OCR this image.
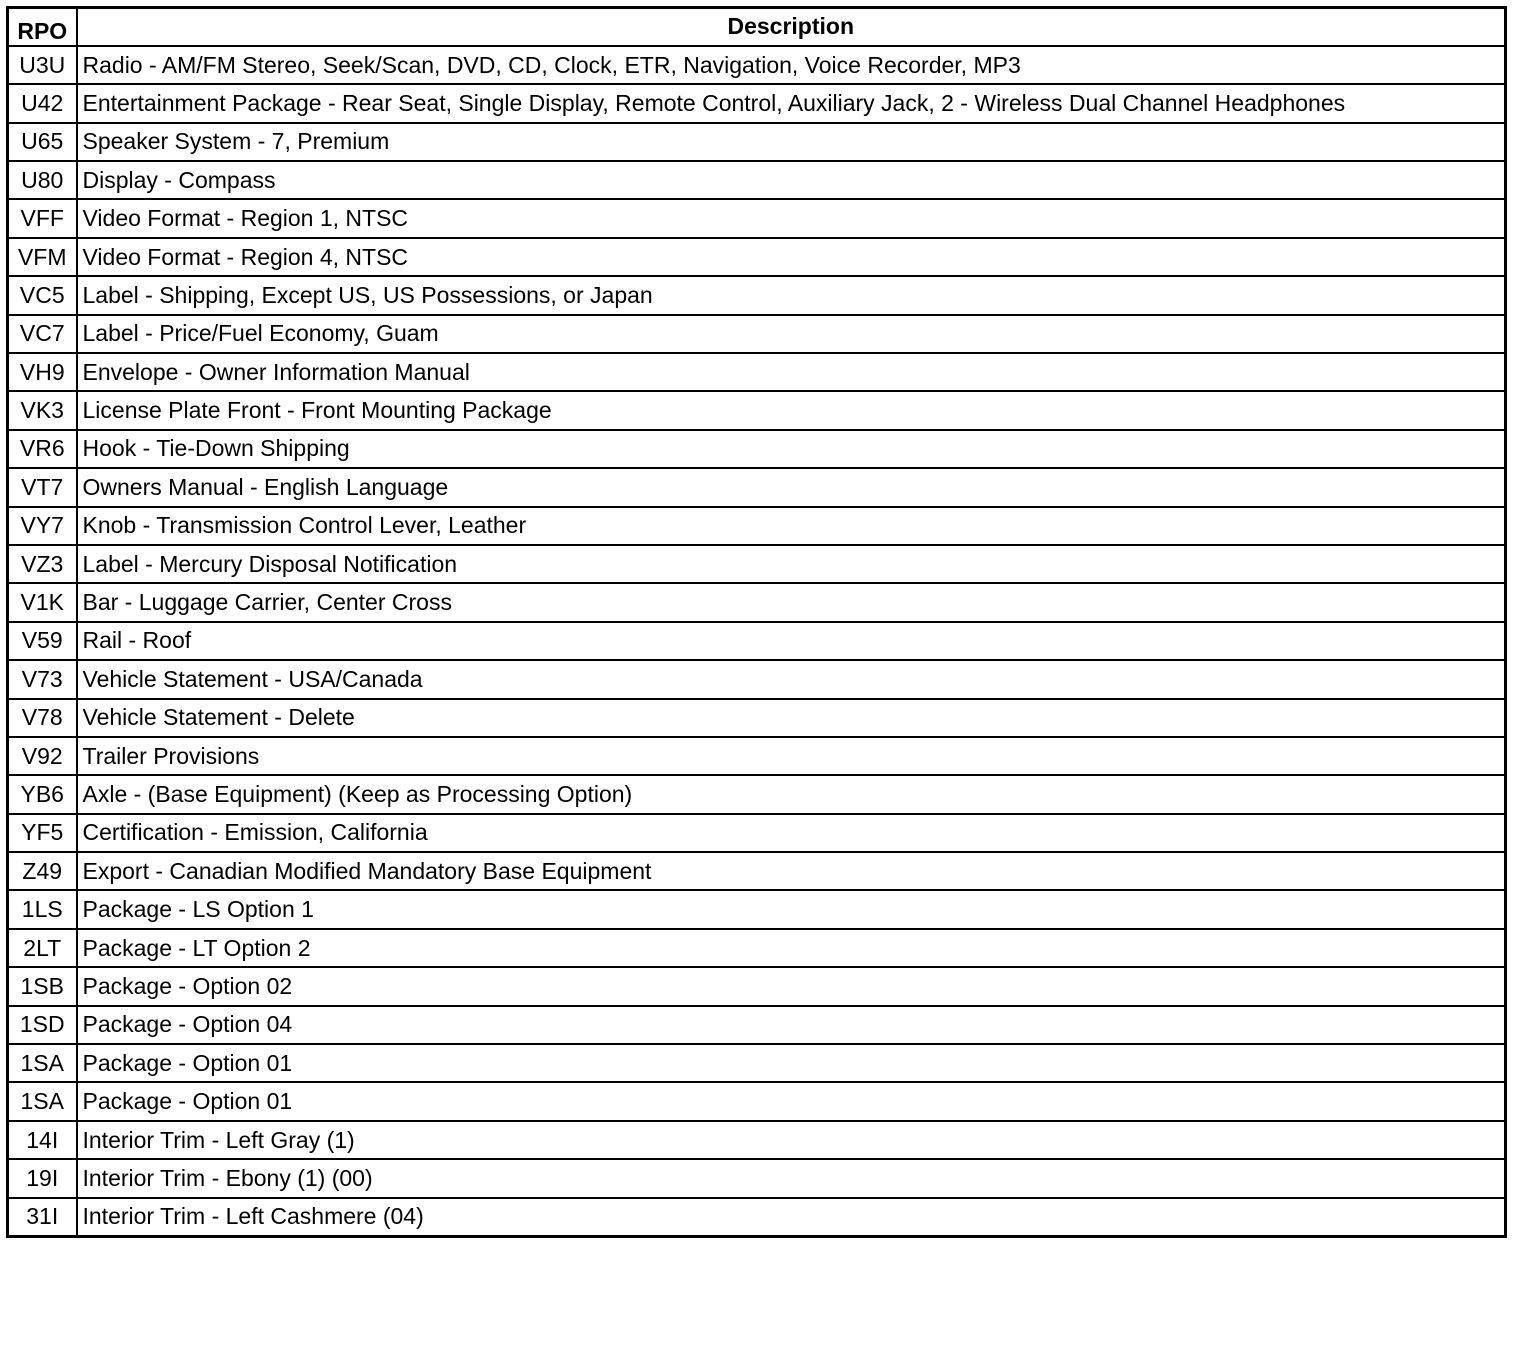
RPO	Description
U3U	Radio - AM/FM Stereo, Seek/Scan, DVD, CD, Clock, ETR, Navigation, Voice Recorder, MP3
U42	Entertainment Package - Rear Seat, Single Display, Remote Control, Auxiliary Jack, 2 - Wireless Dual Channel Headphones
U65	Speaker System - 7, Premium
U80	Display - Compass
VFF	Video Format - Region 1, NTSC
VFM	Video Format - Region 4, NTSC
VC5	Label - Shipping, Except US, US Possessions, or Japan
VC7	Label - Price/Fuel Economy, Guam
VH9	Envelope - Owner Information Manual
VK3	License Plate Front - Front Mounting Package
VR6	Hook - Tie-Down Shipping
VT7	Owners Manual - English Language
VY7	Knob - Transmission Control Lever, Leather
VZ3	Label - Mercury Disposal Notification
V1K	Bar - Luggage Carrier, Center Cross
V59	Rail - Roof
V73	Vehicle Statement - USA/Canada
V78	Vehicle Statement - Delete
V92	Trailer Provisions
YB6	Axle - (Base Equipment) (Keep as Processing Option)
YF5	Certification - Emission, California
Z49	Export - Canadian Modified Mandatory Base Equipment
1LS	Package - LS Option 1
2LT	Package - LT Option 2
1SB	Package - Option 02
1SD	Package - Option 04
1SA	Package - Option 01
1SA	Package - Option 01
14I	Interior Trim - Left Gray (1)
19I	Interior Trim - Ebony (1) (00)
31I	Interior Trim - Left Cashmere (04)
